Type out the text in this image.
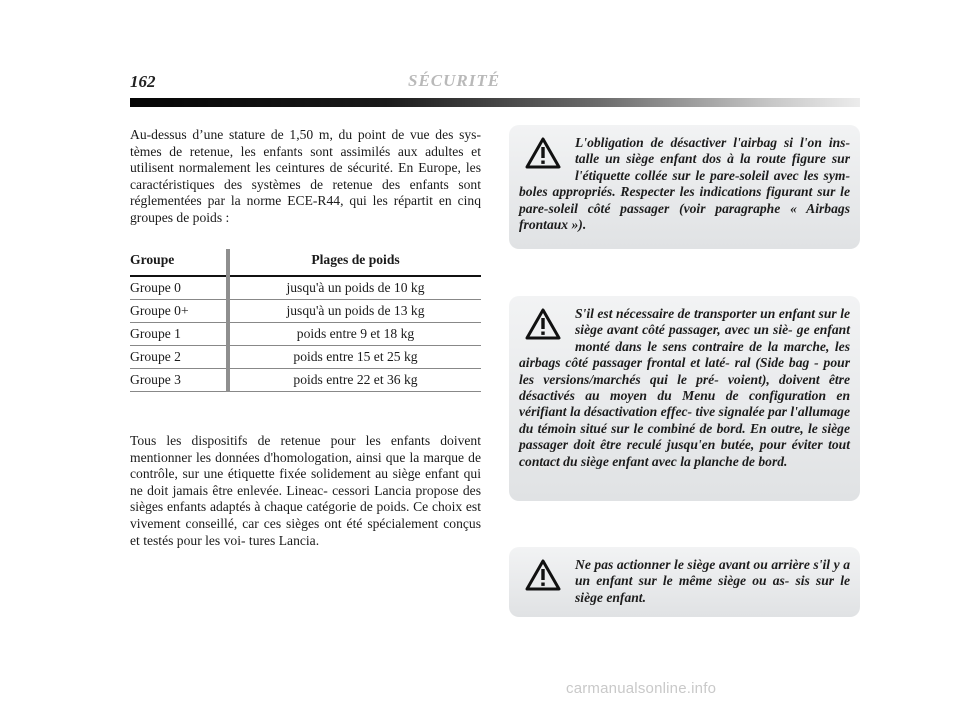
162	SÉCURITÉ

Au-dessus d’une stature de 1,50 m, du point de vue des sys- tèmes de retenue, les enfants sont assimilés aux adultes et utilisent normalement les ceintures de sécurité. En Europe, les caractéristiques des systèmes de retenue des enfants sont réglementées par la norme ECE-R44, qui les répartit en cinq groupes de poids :

Groupe	Plages de poids
Groupe 0	jusqu'à un poids de 10 kg
Groupe 0+	jusqu'à un poids de 13 kg
Groupe 1	poids entre 9 et 18 kg
Groupe 2	poids entre 15 et 25 kg
Groupe 3	poids entre 22 et 36 kg

Tous les dispositifs de retenue pour les enfants doivent mentionner les données d'homologation, ainsi que la marque de contrôle, sur une étiquette fixée solidement au siège enfant qui ne doit jamais être enlevée. Lineac- cessori Lancia propose des sièges enfants adaptés à chaque catégorie de poids. Ce choix est vivement conseillé, car ces sièges ont été spécialement conçus et testés pour les voi- tures Lancia.

L'obligation de désactiver l'airbag si l'on ins- talle un siège enfant dos à la route figure sur l'étiquette collée sur le pare-soleil avec les sym- boles appropriés. Respecter les indications figurant sur le pare-soleil côté passager (voir paragraphe « Airbags frontaux »).

S'il est nécessaire de transporter un enfant sur le siège avant côté passager, avec un siè- ge enfant monté dans le sens contraire de la marche, les airbags côté passager frontal et laté- ral (Side bag - pour les versions/marchés qui le pré- voient), doivent être désactivés au moyen du Menu de configuration en vérifiant la désactivation effec- tive signalée par l'allumage du témoin situé sur le combiné de bord. En outre, le siège passager doit être reculé jusqu'en butée, pour éviter tout contact du siège enfant avec la planche de bord.

Ne pas actionner le siège avant ou arrière s'il y a un enfant sur le même siège ou as- sis sur le siège enfant.

carmanualsonline.info
